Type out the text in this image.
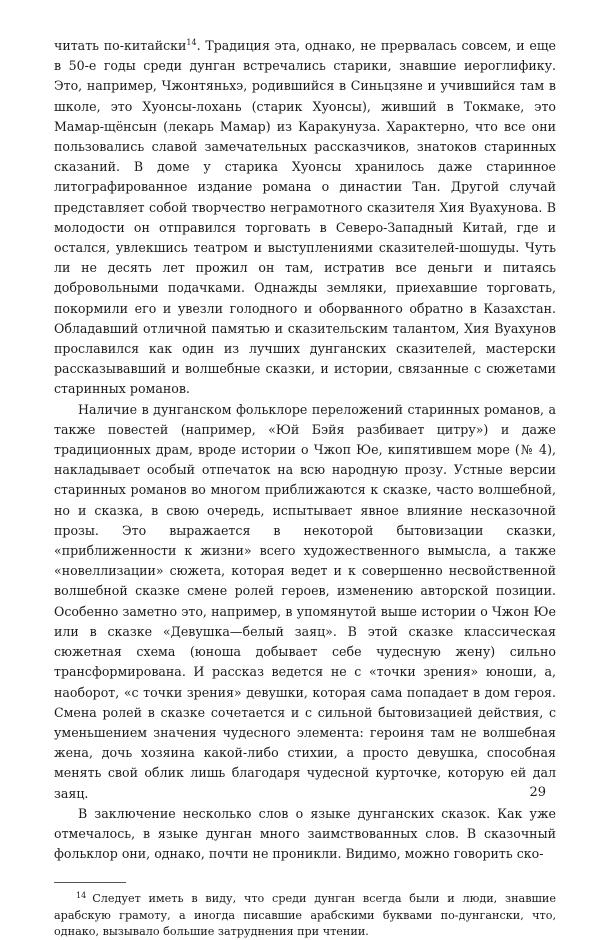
читать по-китайски$^{14}$. Традиция эта, однако, не прервалась совсем, и еще в 50-е годы среди дунган встречались старики, знавшие иероглифику. Это, например, Чжонтяньхэ, родившийся в Синьцзяне и учившийся там в школе, это Хуонсы-лохань (старик Хуонсы), живший в Токмаке, это Мамар-щёнсын (лекарь Мамар) из Каракунуза. Характерно, что все они пользовались славой замечательных рассказчиков, знатоков старинных сказаний. В доме у старика Хуонсы хранилось даже старинное литографированное издание романа о династии Тан. Другой случай представляет собой творчество неграмотного сказителя Хия Вуахунова. В молодости он отправился торговать в Северо-Западный Китай, где и остался, увлекшись театром и выступлениями сказителей-шошуды. Чуть ли не десять лет прожил он там, истратив все деньги и питаясь добровольными подачками. Однажды земляки, приехавшие торговать, покормили его и увезли голодного и оборванного обратно в Казахстан. Обладавший отличной памятью и сказительским талантом, Хия Вуахунов прославился как один из лучших дунганских сказителей, мастерски рассказывавший и волшебные сказки, и истории, связанные с сюжетами старинных романов.

Наличие в дунганском фольклоре переложений старинных романов, а также повестей (например, «Юй Бэйя разбивает цитру») и даже традиционных драм, вроде истории о Чжоп Юе, кипятившем море (№ 4), накладывает особый отпечаток на всю народную прозу. Устные версии старинных романов во многом приближаются к сказке, часто волшебной, но и сказка, в свою очередь, испытывает явное влияние несказочной прозы. Это выражается в некоторой бытовизации сказки, «приближенности к жизни» всего художественного вымысла, а также «новеллизации» сюжета, которая ведет и к совершенно несвойственной волшебной сказке смене ролей героев, изменению авторской позиции. Особенно заметно это, например, в упомянутой выше истории о Чжон Юе или в сказке «Девушка—белый заяц». В этой сказке классическая сюжетная схема (юноша добывает себе чудесную жену) сильно трансформирована. И рассказ ведется не с «точки зрения» юноши, а, наоборот, «с точки зрения» девушки, которая сама попадает в дом героя. Смена ролей в сказке сочетается и с сильной бытовизацией действия, с уменьшением значения чудесного элемента: героиня там не волшебная жена, дочь хозяина какой-либо стихии, а просто девушка, способная менять свой облик лишь благодаря чудесной курточке, которую ей дал заяц.

В заключение несколько слов о языке дунганских сказок. Как уже отмечалось, в языке дунган много заимствованных слов. В сказочный фольклор они, однако, почти не проникли. Видимо, можно говорить ско-

$^{14}$ Следует иметь в виду, что среди дунган всегда были и люди, знавшие арабскую грамоту, а иногда писавшие арабскими буквами по-дунгански, что, однако, вызывало большие затруднения при чтении.

29
